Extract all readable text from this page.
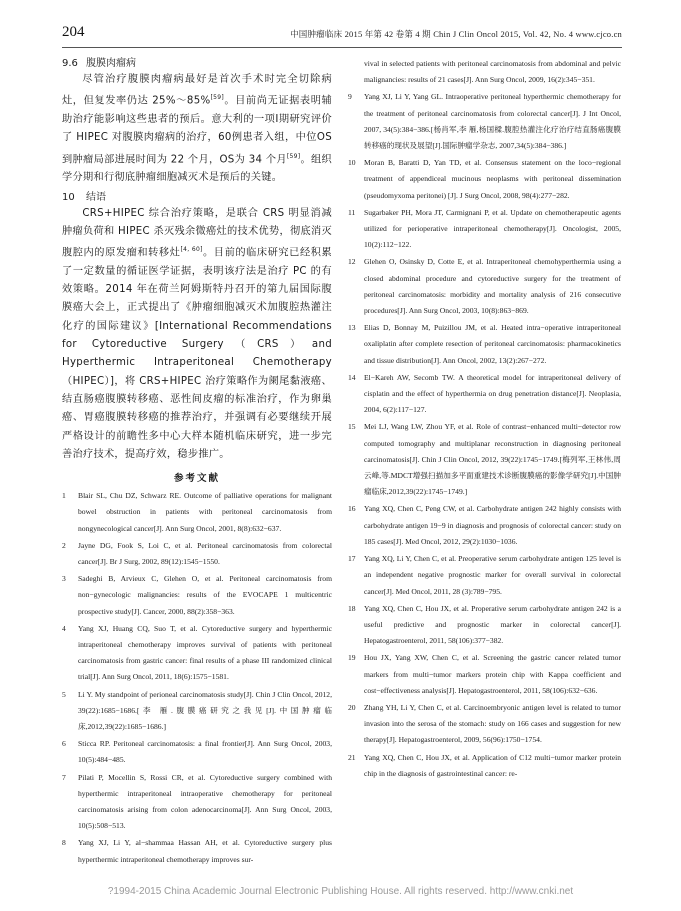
204	中国肿瘤临床 2015 年第 42 卷第 4 期 Chin J Clin Oncol 2015, Vol. 42, No. 4 www.cjco.cn

9.6 腹膜肉瘤病

尽管治疗腹膜肉瘤病最好是首次手术时完全切除病灶，但复发率仍达 25%～85%[59]。目前尚无证据表明辅助治疗能影响这些患者的预后。意大利的一项Ⅰ期研究评价了 HIPEC 对腹膜肉瘤病的治疗，60例患者入组，中位OS到肿瘤局部进展时间为 22 个月，OS为 34 个月[59]。组织学分期和行彻底肿瘤细胞减灭术是预后的关键。

10 结语

CRS+HIPEC 综合治疗策略，是联合 CRS 明显消减肿瘤负荷和 HIPEC 杀灭残余微癌灶的技术优势，彻底消灭腹腔内的原发瘤和转移灶[4, 60]。目前的临床研究已经积累了一定数量的循证医学证据，表明该疗法是治疗 PC 的有效策略。2014 年在荷兰阿姆斯特丹召开的第九届国际腹膜癌大会上，正式提出了《肿瘤细胞减灭术加腹腔热灌注化疗的国际建议》[International Recommendations for Cytoreductive Surgery（CRS）and Hyperthermic Intraperitoneal Chemotherapy（HIPEC）]，将 CRS+HIPEC 治疗策略作为阑尾黏液癌、结直肠癌腹膜转移癌、恶性间皮瘤的标准治疗，作为卵巢癌、胃癌腹膜转移癌的推荐治疗，并强调有必要继续开展严格设计的前瞻性多中心大样本随机临床研究，进一步完善治疗技术，提高疗效，稳步推广。

参考文献

1 Blair SL, Chu DZ, Schwarz RE. Outcome of palliative operations for malignant bowel obstruction in patients with peritoneal carcinomatosis from nongynecological cancer[J]. Ann Surg Oncol, 2001, 8(8):632−637.

2 Jayne DG, Fook S, Loi C, et al. Peritoneal carcinomatosis from colorectal cancer[J]. Br J Surg, 2002, 89(12):1545−1550.

3 Sadeghi B, Arvieux C, Glehen O, et al. Peritoneal carcinomatosis from non−gynecologic malignancies: results of the EVOCAPE 1 multicentric prospective study[J]. Cancer, 2000, 88(2):358−363.

4 Yang XJ, Huang CQ, Suo T, et al. Cytoreductive surgery and hyperthermic intraperitoneal chemotherapy improves survival of patients with peritoneal carcinomatosis from gastric cancer: final results of a phase III randomized clinical trial[J]. Ann Surg Oncol, 2011, 18(6):1575−1581.

5 Li Y. My standpoint of perioneal carcinomatosis study[J]. Chin J Clin Oncol, 2012, 39(22):1685−1686.[李 雁.腹膜癌研究之我见[J].中国肿瘤临床,2012,39(22):1685−1686.]

6 Sticca RP. Peritoneal carcinomatosis: a final frontier[J]. Ann Surg Oncol, 2003, 10(5):484−485.

7 Pilati P, Mocellin S, Rossi CR, et al. Cytoreductive surgery combined with hyperthermic intraperitoneal intraoperative chemotherapy for peritoneal carcinomatosis arising from colon adenocarcinoma[J]. Ann Surg Oncol, 2003, 10(5):508−513.

8 Yang XJ, Li Y, al−shammaa Hassan AH, et al. Cytoreductive surgery plus hyperthermic intraperitoneal chemotherapy improves sur-

vival in selected patients with peritoneal carcinomatosis from abdominal and pelvic malignancies: results of 21 cases[J]. Ann Surg Oncol, 2009, 16(2):345−351.

9 Yang XJ, Li Y, Yang GL. Intraoperative peritoneal hyperthermic chemotherapy for the treatment of peritoneal carcinomatosis from colorectal cancer[J]. J Int Oncol, 2007, 34(5):384−386.[杨肖军,李 雁,杨国樑.腹腔热灌注化疗治疗结直肠癌腹膜转移癌的现状及展望[J].国际肿瘤学杂志, 2007,34(5):384−386.]

10 Moran B, Baratti D, Yan TD, et al. Consensus statement on the loco−regional treatment of appendiceal mucinous neoplasms with peritoneal dissemination (pseudomyxoma peritonei) [J]. J Surg Oncol, 2008, 98(4):277−282.

11 Sugarbaker PH, Mora JT, Carmignani P, et al. Update on chemotherapeutic agents utilized for perioperative intraperitoneal chemotherapy[J]. Oncologist, 2005, 10(2):112−122.

12 Glehen O, Osinsky D, Cotte E, et al. Intraperitoneal chemohyperthermia using a closed abdominal procedure and cytoreductive surgery for the treatment of peritoneal carcinomatosis: morbidity and mortality analysis of 216 consecutive procedures[J]. Ann Surg Oncol, 2003, 10(8):863−869.

13 Elias D, Bonnay M, Puizillou JM, et al. Heated intra−operative intraperitoneal oxaliplatin after complete resection of peritoneal carcinomatosis: pharmacokinetics and tissue distribution[J]. Ann Oncol, 2002, 13(2):267−272.

14 El−Kareh AW, Secomb TW. A theoretical model for intraperitoneal delivery of cisplatin and the effect of hyperthermia on drug penetration distance[J]. Neoplasia, 2004, 6(2):117−127.

15 Mei LJ, Wang LW, Zhou YF, et al. Role of contrast−enhanced multi−detector row computed tomography and multiplanar reconstruction in diagnosing peritoneal carcinomatosis[J]. Chin J Clin Oncol, 2012, 39(22):1745−1749.[梅列军,王林伟,周云峰,等.MDCT增强扫描加多平面重建技术诊断腹膜癌的影像学研究[J].中国肿瘤临床,2012,39(22):1745−1749.]

16 Yang XQ, Chen C, Peng CW, et al. Carbohydrate antigen 242 highly consists with carbohydrate antigen 19−9 in diagnosis and prognosis of colorectal cancer: study on 185 cases[J]. Med Oncol, 2012, 29(2):1030−1036.

17 Yang XQ, Li Y, Chen C, et al. Preoperative serum carbohydrate antigen 125 level is an independent negative prognostic marker for overall survival in colorectal cancer[J]. Med Oncol, 2011, 28 (3):789−795.

18 Yang XQ, Chen C, Hou JX, et al. Properative serum carbohydrate antigen 242 is a useful predictive and prognostic marker in colorectal cancer[J]. Hepatogastroenterol, 2011, 58(106):377−382.

19 Hou JX, Yang XW, Chen C, et al. Screening the gastric cancer related tumor markers from multi−tumor markers protein chip with Kappa coefficient and cost−effectiveness analysis[J]. Hepatogastroenterol, 2011, 58(106):632−636.

20 Zhang YH, Li Y, Chen C, et al. Carcinoembryonic antigen level is related to tumor invasion into the serosa of the stomach: study on 166 cases and suggestion for new therapy[J]. Hepatogastroenterol, 2009, 56(96):1750−1754.

21 Yang XQ, Chen C, Hou JX, et al. Application of C12 multi−tumor marker protein chip in the diagnosis of gastrointestinal cancer: re-

?1994-2015 China Academic Journal Electronic Publishing House. All rights reserved. http://www.cnki.net
